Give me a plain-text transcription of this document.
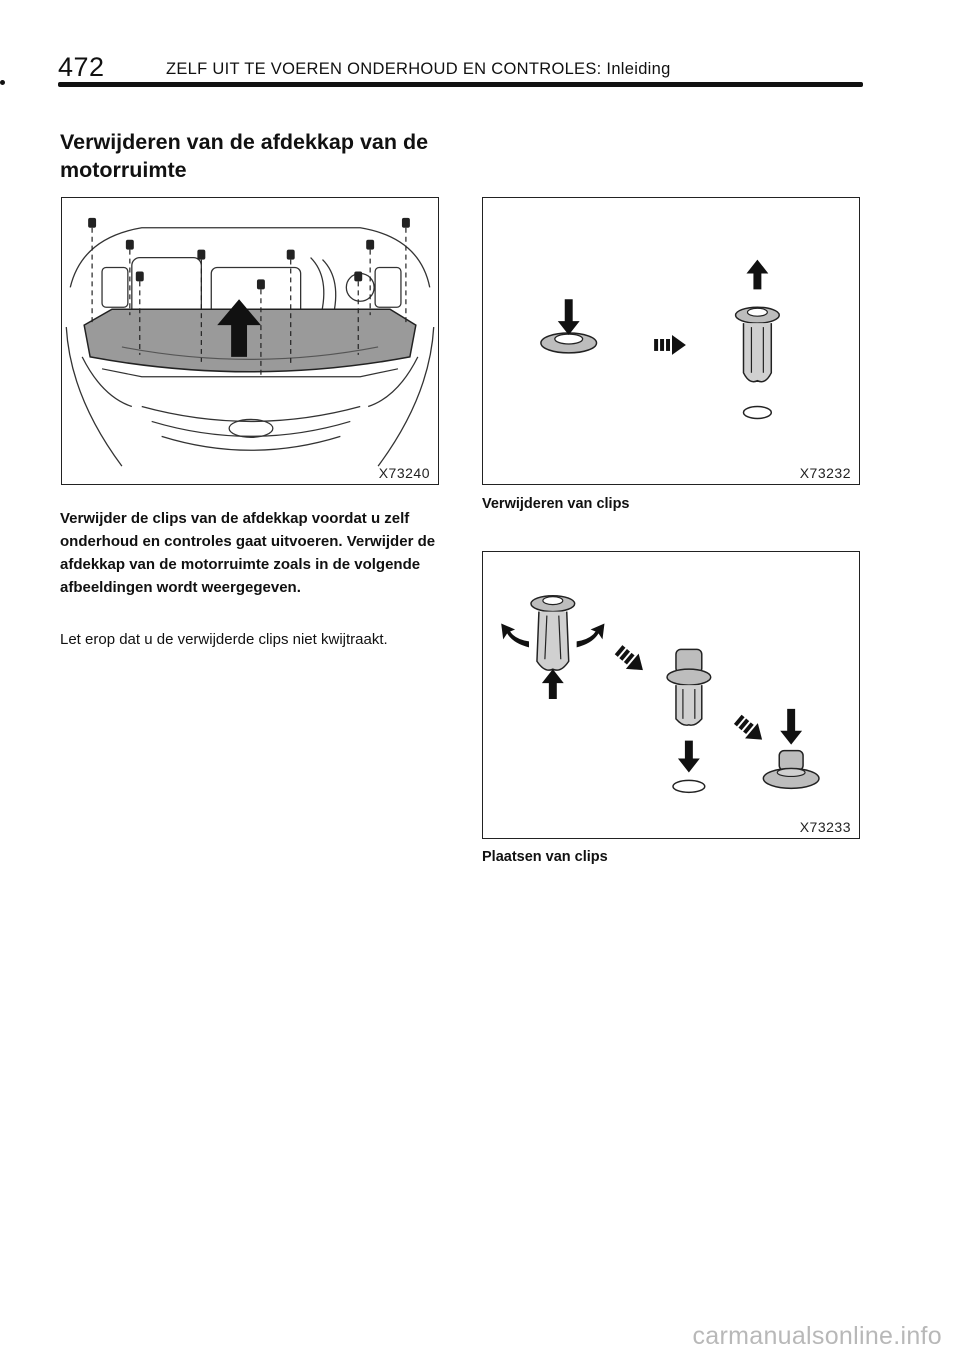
472	ZELF UIT TE VOEREN ONDERHOUD EN CONTROLES: Inleiding
Verwijderen van de afdekkap van de motorruimte
X73240	X73232
Verwijderen van clips
X73233
Plaatsen van clips

Verwijder de clips van de afdekkap voordat u zelf onderhoud en controles gaat uitvoeren. Verwijder de afdekkap van de motorruimte zoals in de volgende afbeeldingen wordt weergegeven.

Let erop dat u de verwijderde clips niet kwijtraakt.

carmanualsonline.info
